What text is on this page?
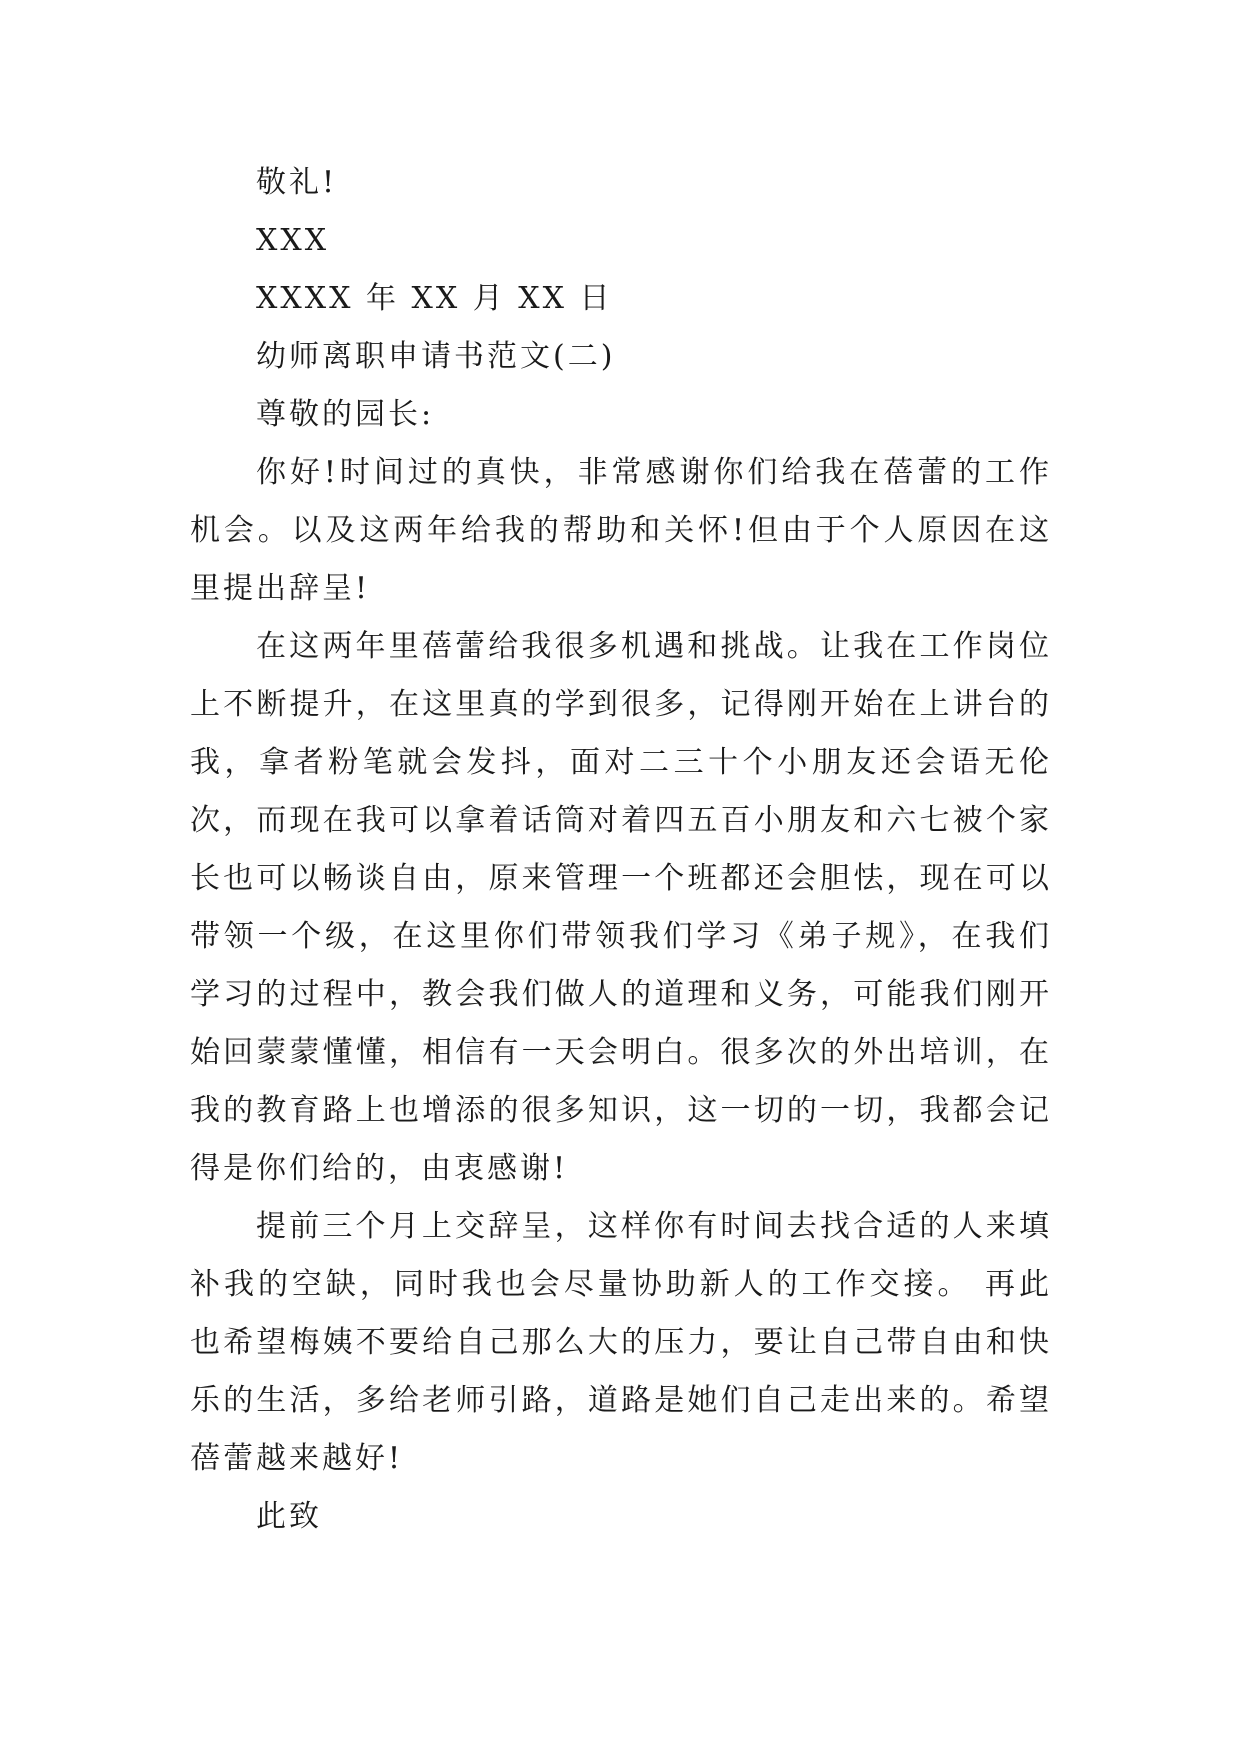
敬礼!

XXX

XXXX 年 XX 月 XX 日

幼师离职申请书范文(二)

尊敬的园长:

你好!时间过的真快，非常感谢你们给我在蓓蕾的工作机会。以及这两年给我的帮助和关怀!但由于个人原因在这里提出辞呈!

在这两年里蓓蕾给我很多机遇和挑战。让我在工作岗位上不断提升，在这里真的学到很多，记得刚开始在上讲台的我，拿者粉笔就会发抖，面对二三十个小朋友还会语无伦次，而现在我可以拿着话筒对着四五百小朋友和六七被个家长也可以畅谈自由，原来管理一个班都还会胆怯，现在可以带领一个级，在这里你们带领我们学习《弟子规》，在我们学习的过程中，教会我们做人的道理和义务，可能我们刚开始回蒙蒙懂懂，相信有一天会明白。很多次的外出培训，在我的教育路上也增添的很多知识，这一切的一切，我都会记得是你们给的，由衷感谢!

提前三个月上交辞呈，这样你有时间去找合适的人来填补我的空缺，同时我也会尽量协助新人的工作交接。 再此也希望梅姨不要给自己那么大的压力，要让自己带自由和快乐的生活，多给老师引路，道路是她们自己走出来的。希望蓓蕾越来越好!

此致
